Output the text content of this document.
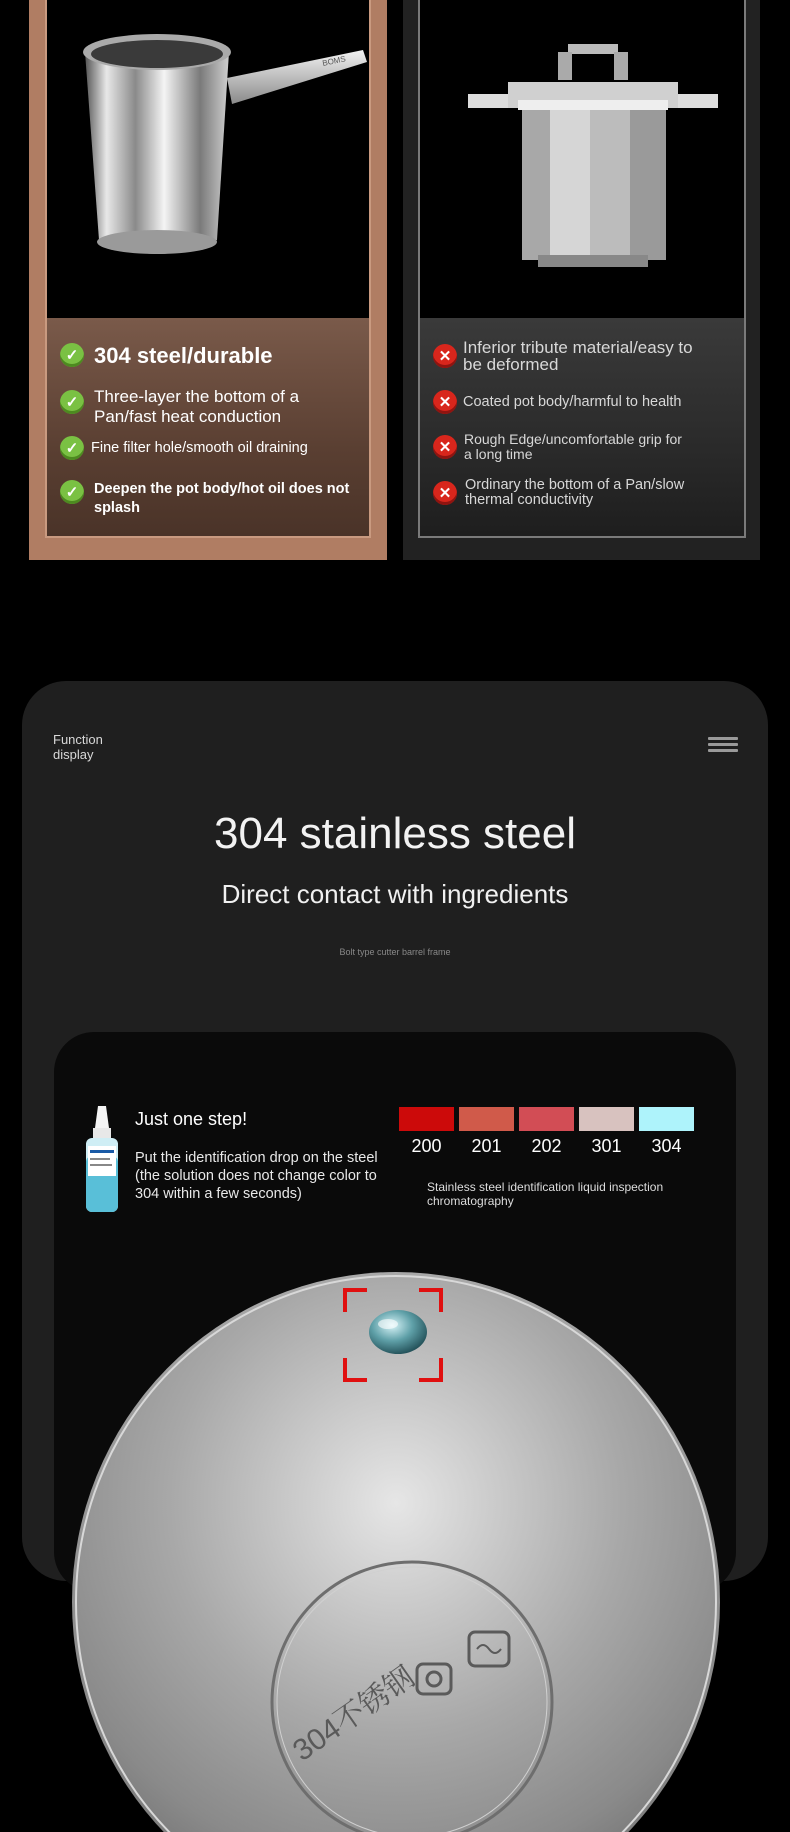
BOMS
✓ 304 steel/durable
✓ Three-layer the bottom of a Pan/fast heat conduction
✓ Fine filter hole/smooth oil draining
✓	Deepen the pot body/hot oil does not splash
✕ Inferior tribute material/easy to be deformed
✕ Coated pot body/harmful to health
✕ Rough Edge/uncomfortable grip for a long time
✕ Ordinary the bottom of a Pan/slow thermal conductivity
Function display
304 stainless steel
Direct contact with ingredients
Bolt type cutter barrel frame
Just one step!
Put the identification drop on the steel (the solution does not change color to 304 within a few seconds)
200	201	202	301	304
Stainless steel identification liquid inspection chromatography
304不锈钢
